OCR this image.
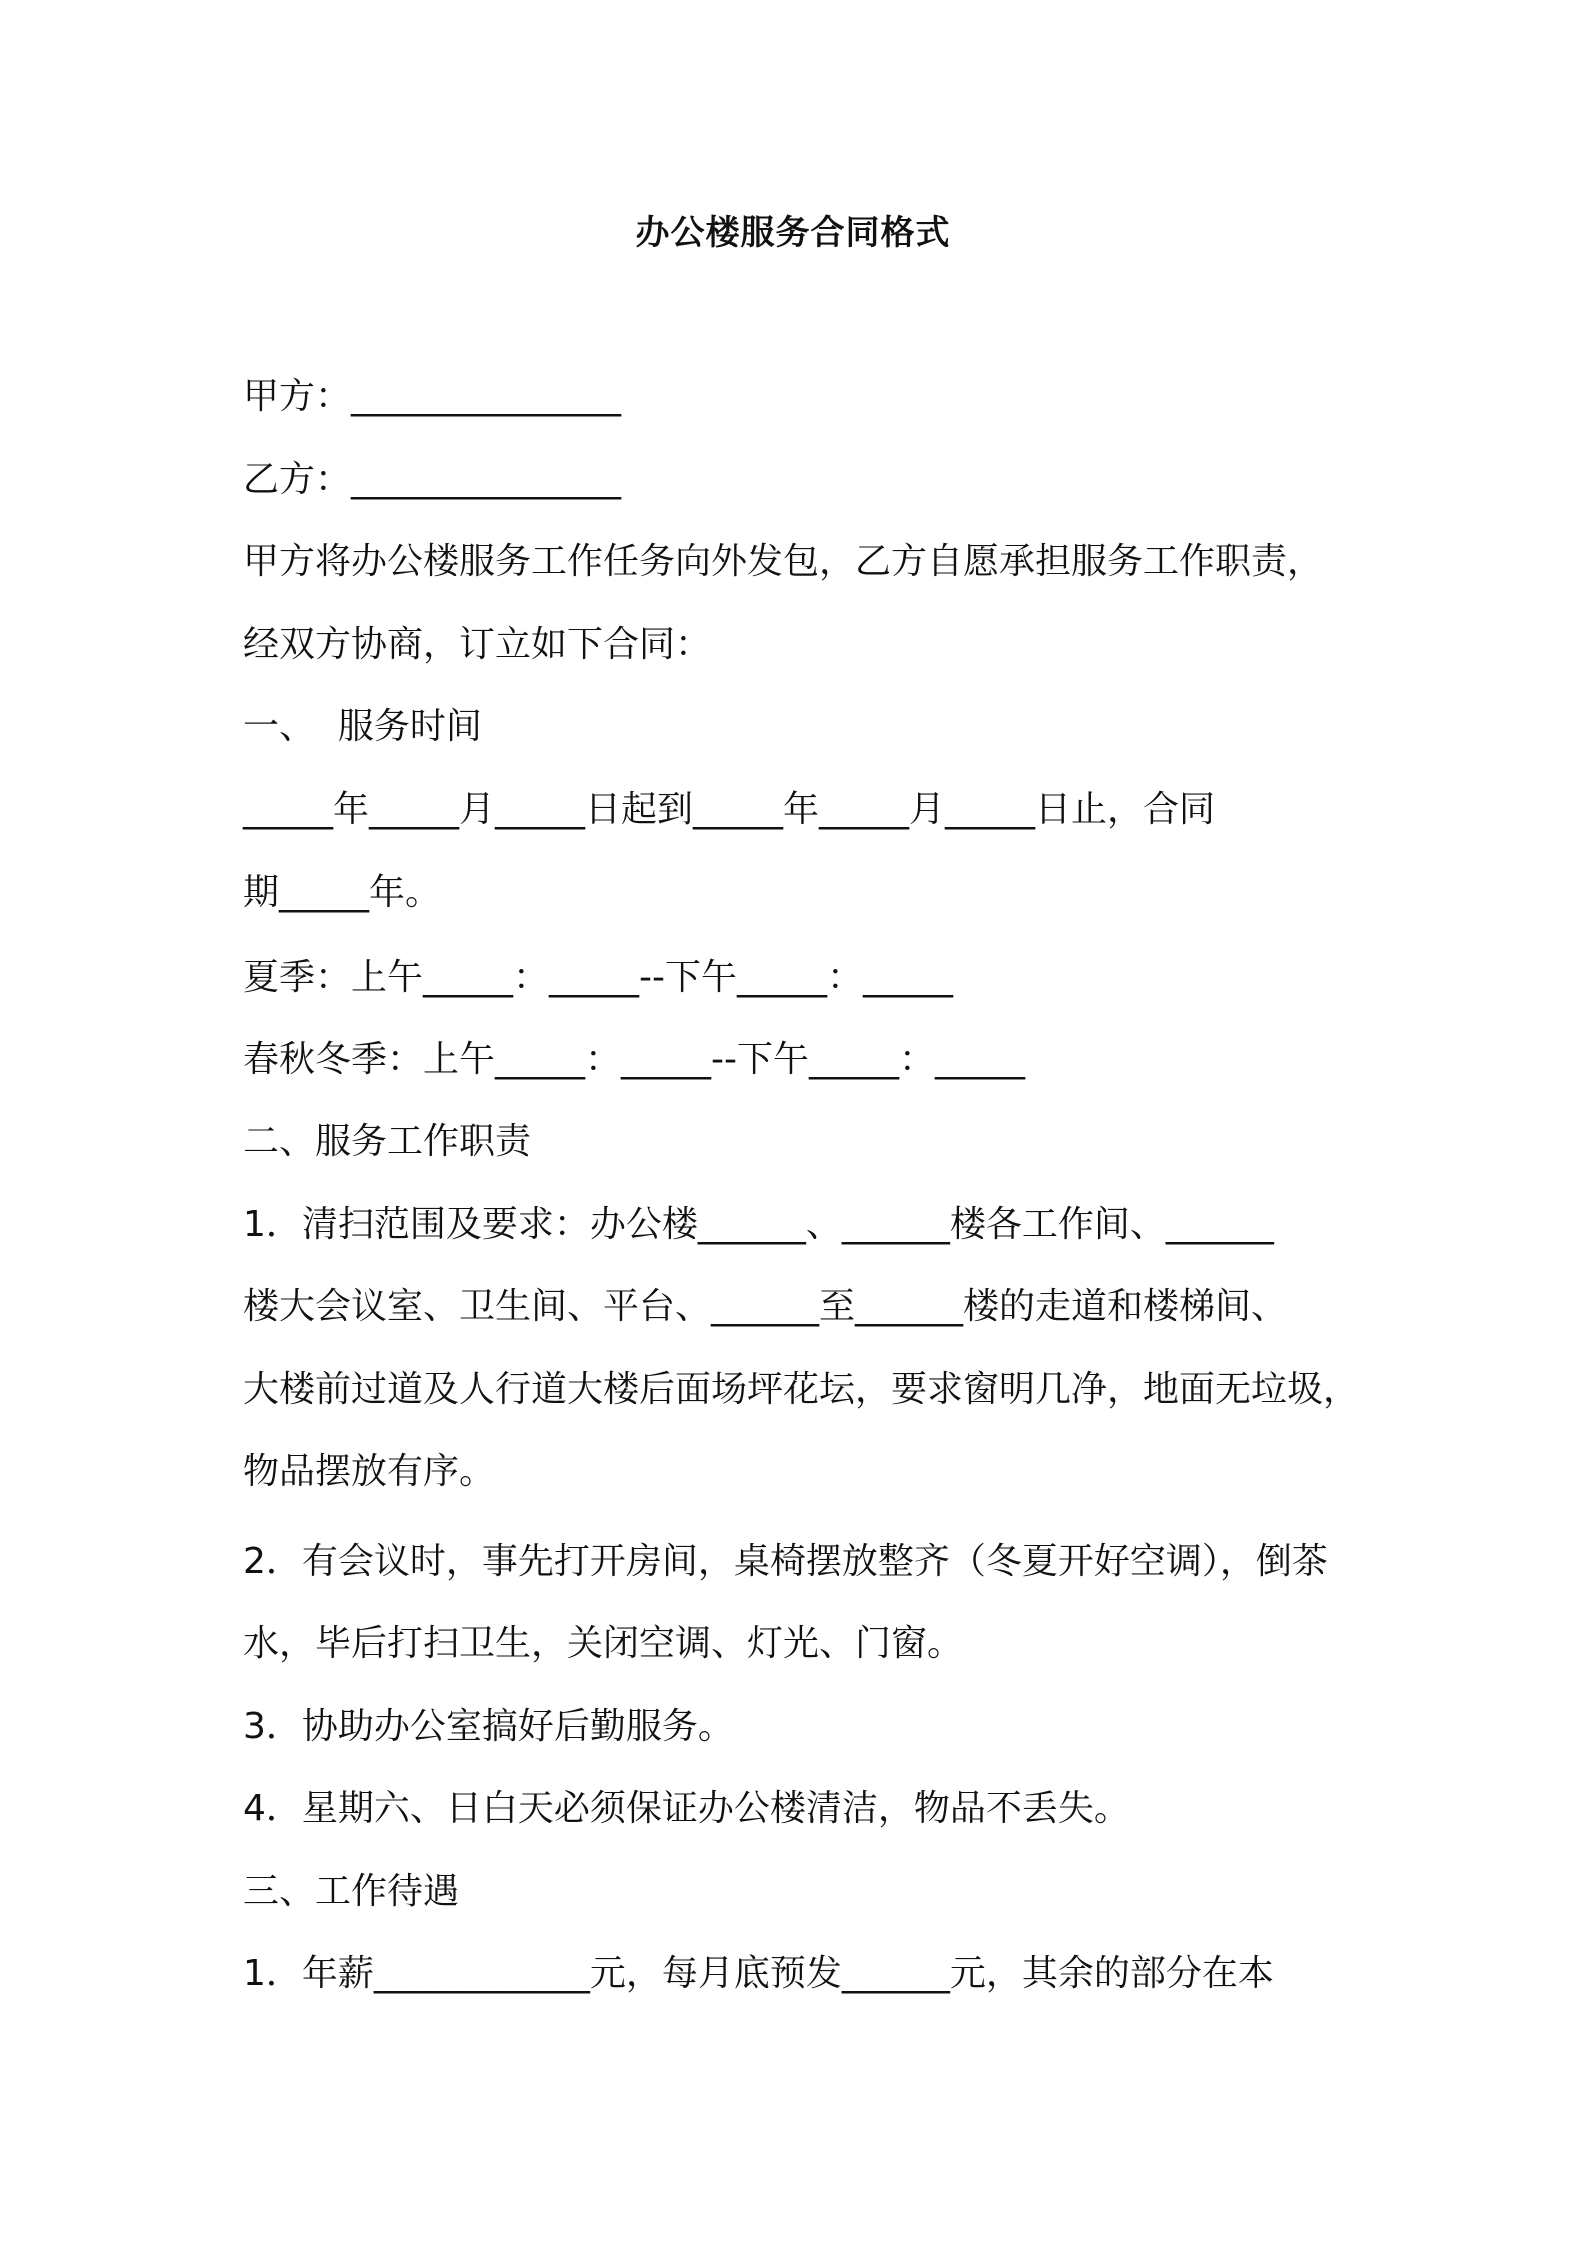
办公楼服务合同格式
甲方：_______________
乙方：_______________
甲方将办公楼服务工作任务向外发包，乙方自愿承担服务工作职责，
经双方协商，订立如下合同：
一、  服务时间
_____年_____月_____日起到_____年_____月_____日止，合同
期_____年。
夏季：上午_____：_____--下午_____：_____
春秋冬季：上午_____：_____--下午_____：_____
二、服务工作职责
1．清扫范围及要求：办公楼______、______楼各工作间、______
楼大会议室、卫生间、平台、______至______楼的走道和楼梯间、
大楼前过道及人行道大楼后面场坪花坛，要求窗明几净，地面无垃圾，
物品摆放有序。
2．有会议时，事先打开房间，桌椅摆放整齐（冬夏开好空调），倒茶
水，毕后打扫卫生，关闭空调、灯光、门窗。
3．协助办公室搞好后勤服务。
4．星期六、日白天必须保证办公楼清洁，物品不丢失。
三、工作待遇
1．年薪____________元，每月底预发______元，其余的部分在本
